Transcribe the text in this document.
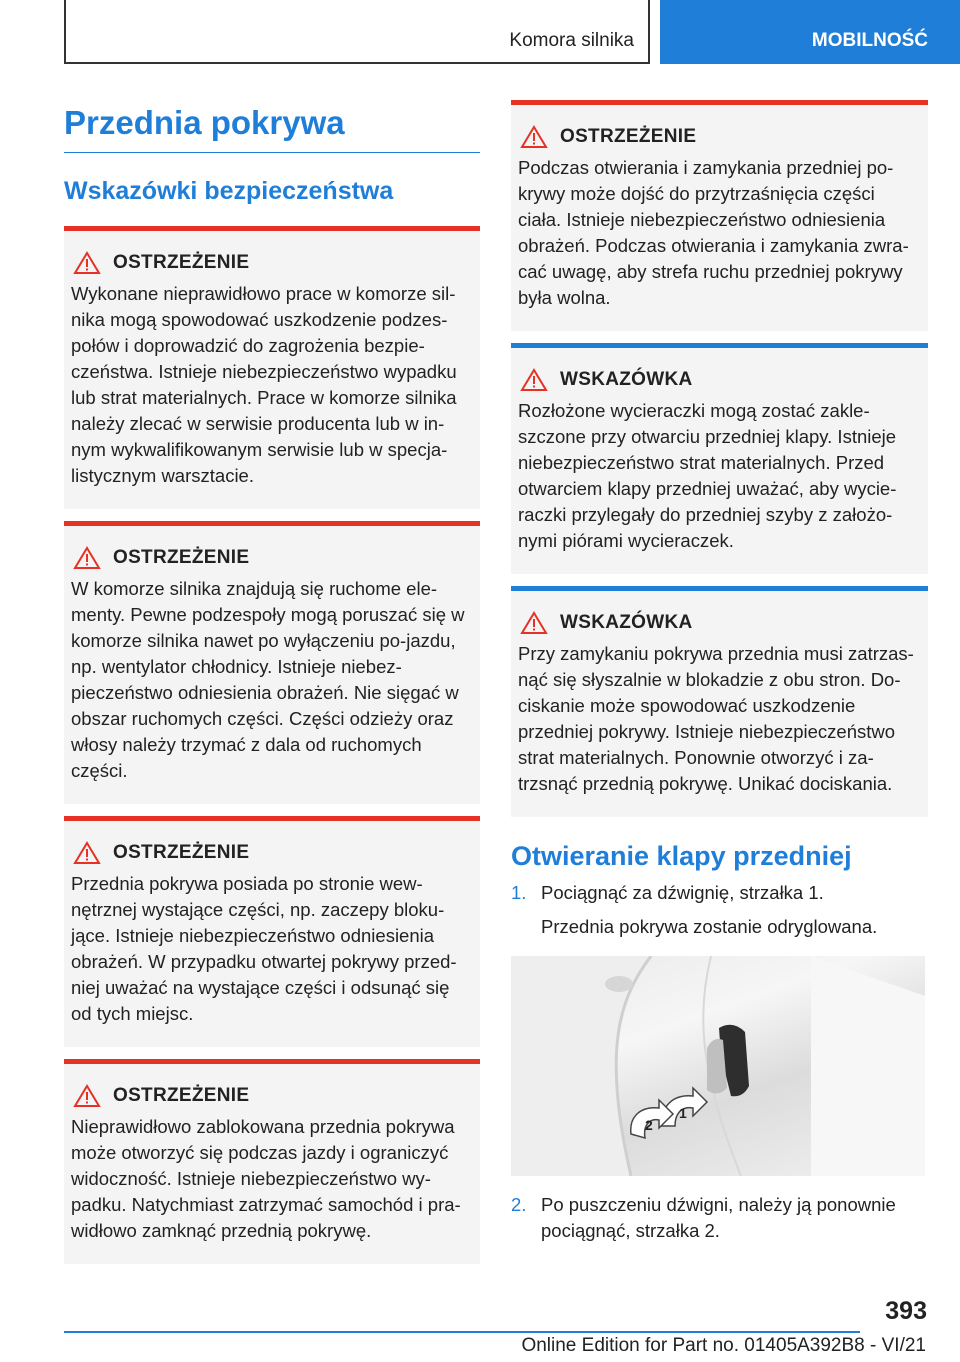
Komora silnika	MOBILNOŚĆ
Przednia pokrywa
Wskazówki bezpieczeństwa
OSTRZEŻENIE

Wykonane nieprawidłowo prace w komorze sil-nika mogą spowodować uszkodzenie podzes-połów i doprowadzić do zagrożenia bezpie-czeństwa. Istnieje niebezpieczeństwo wypadku lub strat materialnych. Prace w komorze silnika należy zlecać w serwisie producenta lub w in-nym wykwalifikowanym serwisie lub w specja-listycznym warsztacie.

OSTRZEŻENIE

W komorze silnika znajdują się ruchome ele-menty. Pewne podzespoły mogą poruszać się w komorze silnika nawet po wyłączeniu po-jazdu, np. wentylator chłodnicy. Istnieje niebez-pieczeństwo odniesienia obrażeń. Nie sięgać w obszar ruchomych części. Części odzieży oraz włosy należy trzymać z dala od ruchomych części.

OSTRZEŻENIE

Przednia pokrywa posiada po stronie wew-nętrznej wystające części, np. zaczepy bloku-jące. Istnieje niebezpieczeństwo odniesienia obrażeń. W przypadku otwartej pokrywy przed-niej uważać na wystające części i odsunąć się od tych miejsc.

OSTRZEŻENIE

Nieprawidłowo zablokowana przednia pokrywa może otworzyć się podczas jazdy i ograniczyć widoczność. Istnieje niebezpieczeństwo wy-padku. Natychmiast zatrzymać samochód i pra-widłowo zamknąć przednią pokrywę.

OSTRZEŻENIE

Podczas otwierania i zamykania przedniej po-krywy może dojść do przytrzaśnięcia części ciała. Istnieje niebezpieczeństwo odniesienia obrażeń. Podczas otwierania i zamykania zwra-cać uwagę, aby strefa ruchu przedniej pokrywy była wolna.

WSKAZÓWKA

Rozłożone wycieraczki mogą zostać zakle-szczone przy otwarciu przedniej klapy. Istnieje niebezpieczeństwo strat materialnych. Przed otwarciem klapy przedniej uważać, aby wycie-raczki przylegały do przedniej szyby z założo-nymi piórami wycieraczek.

WSKAZÓWKA

Przy zamykaniu pokrywa przednia musi zatrzas-nąć się słyszalnie w blokadzie z obu stron. Do-ciskanie może spowodować uszkodzenie przedniej pokrywy. Istnieje niebezpieczeństwo strat materialnych. Ponownie otworzyć i za-trzsnąć przednią pokrywę. Unikać dociskania.

Otwieranie klapy przedniej
1. Pociągnąć za dźwignię, strzałka 1.
Przednia pokrywa zostanie odryglowana.
1
2
2. Po puszczeniu dźwigni, należy ją ponownie pociągnąć, strzałka 2.
393
Online Edition for Part no. 01405A392B8 - VI/21
